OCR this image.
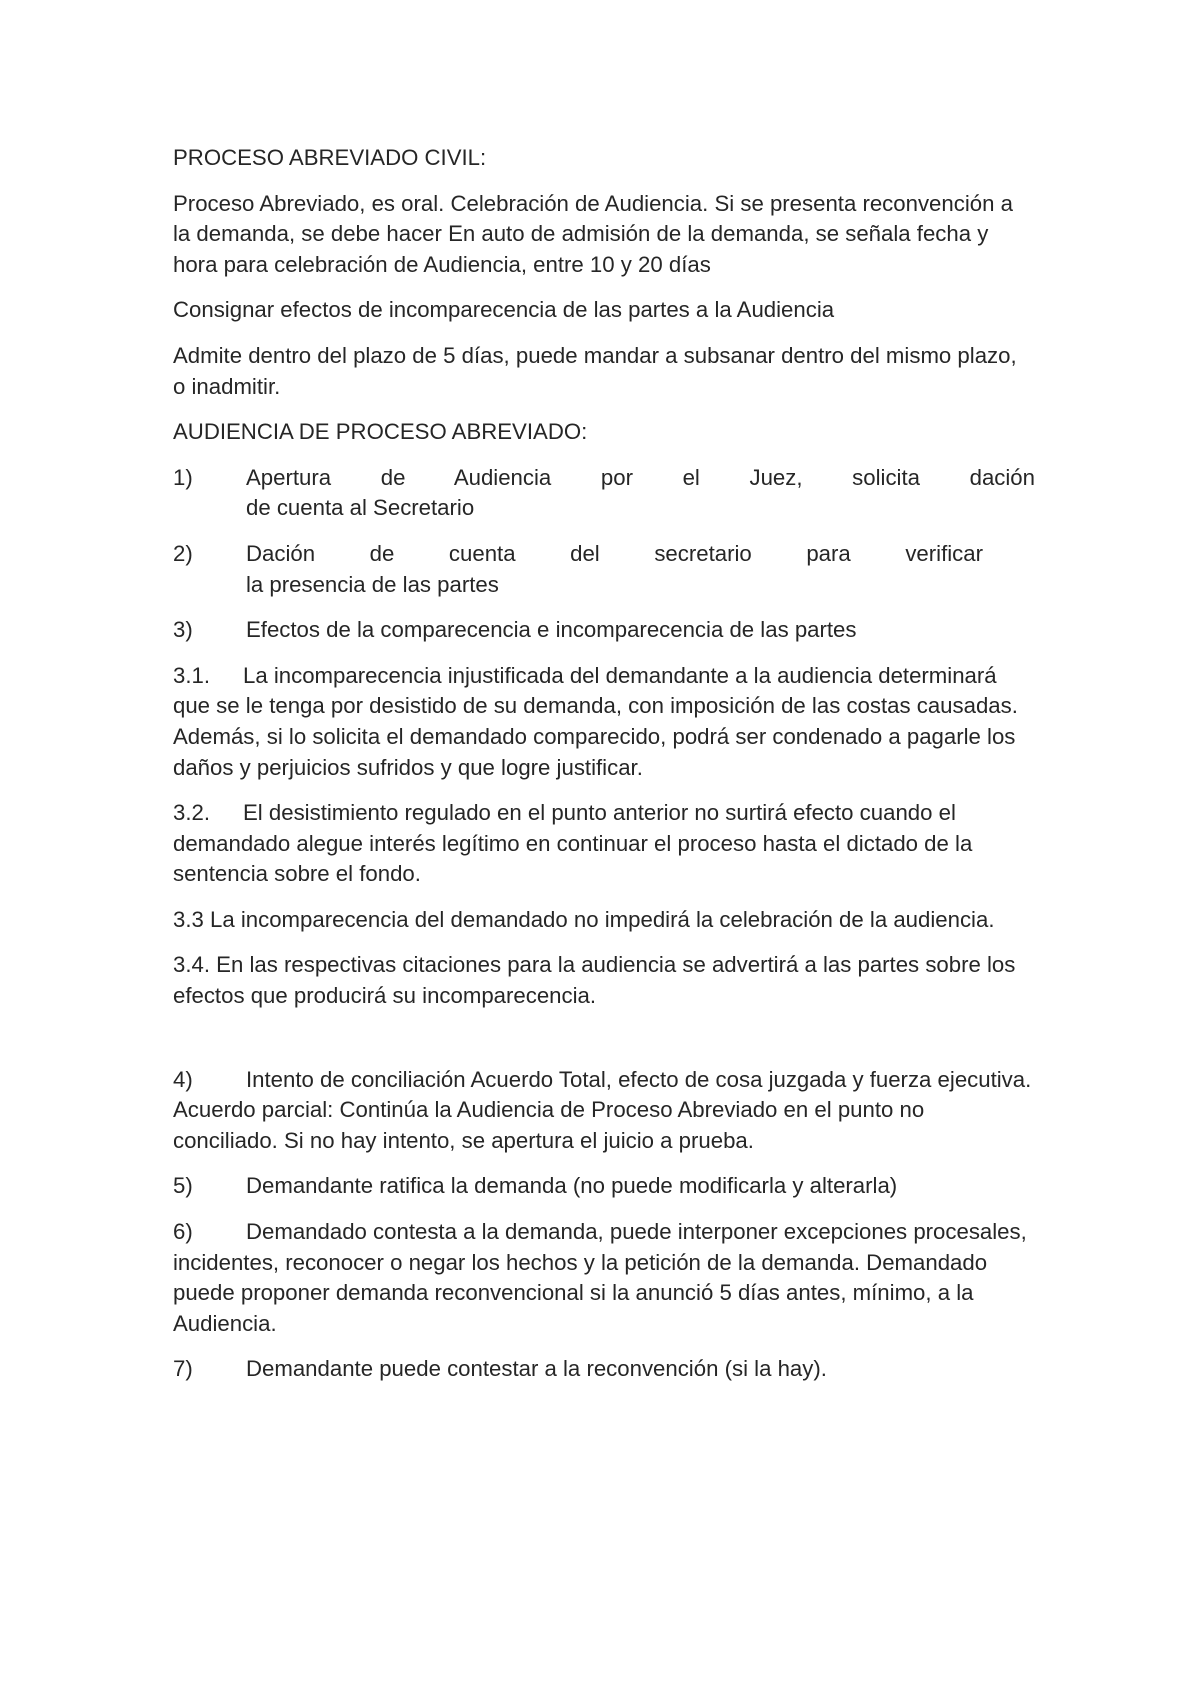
PROCESO ABREVIADO CIVIL:

Proceso Abreviado, es oral. Celebración de Audiencia. Si se presenta reconvención a la demanda, se debe hacer En auto de admisión de la demanda, se señala fecha y hora para celebración de Audiencia, entre 10 y 20 días

Consignar efectos de incomparecencia de las partes a la Audiencia

Admite dentro del plazo de 5 días, puede mandar a subsanar dentro del mismo plazo, o inadmitir.

AUDIENCIA DE PROCESO ABREVIADO:

1)	Apertura de Audiencia por el Juez, solicita dación
de cuenta al Secretario
2)	Dación de cuenta del secretario para verificar
la presencia de las partes
3)	Efectos de la comparecencia e incomparecencia de las partes

3.1. La incomparecencia injustificada del demandante a la audiencia determinará que se le tenga por desistido de su demanda, con imposición de las costas causadas. Además, si lo solicita el demandado comparecido, podrá ser condenado a pagarle los daños y perjuicios sufridos y que logre justificar.

3.2. El desistimiento regulado en el punto anterior no surtirá efecto cuando el demandado alegue interés legítimo en continuar el proceso hasta el dictado de la sentencia sobre el fondo.

3.3 La incomparecencia del demandado no impedirá la celebración de la audiencia.

3.4. En las respectivas citaciones para la audiencia se advertirá a las partes sobre los efectos que producirá su incomparecencia.

4) Intento de conciliación Acuerdo Total, efecto de cosa juzgada y fuerza ejecutiva. Acuerdo parcial: Continúa la Audiencia de Proceso Abreviado en el punto no conciliado. Si no hay intento, se apertura el juicio a prueba.

5) Demandante ratifica la demanda (no puede modificarla y alterarla)

6) Demandado contesta a la demanda, puede interponer excepciones procesales, incidentes, reconocer o negar los hechos y la petición de la demanda. Demandado puede proponer demanda reconvencional si la anunció 5 días antes, mínimo, a la Audiencia.

7) Demandante puede contestar a la reconvención (si la hay).
